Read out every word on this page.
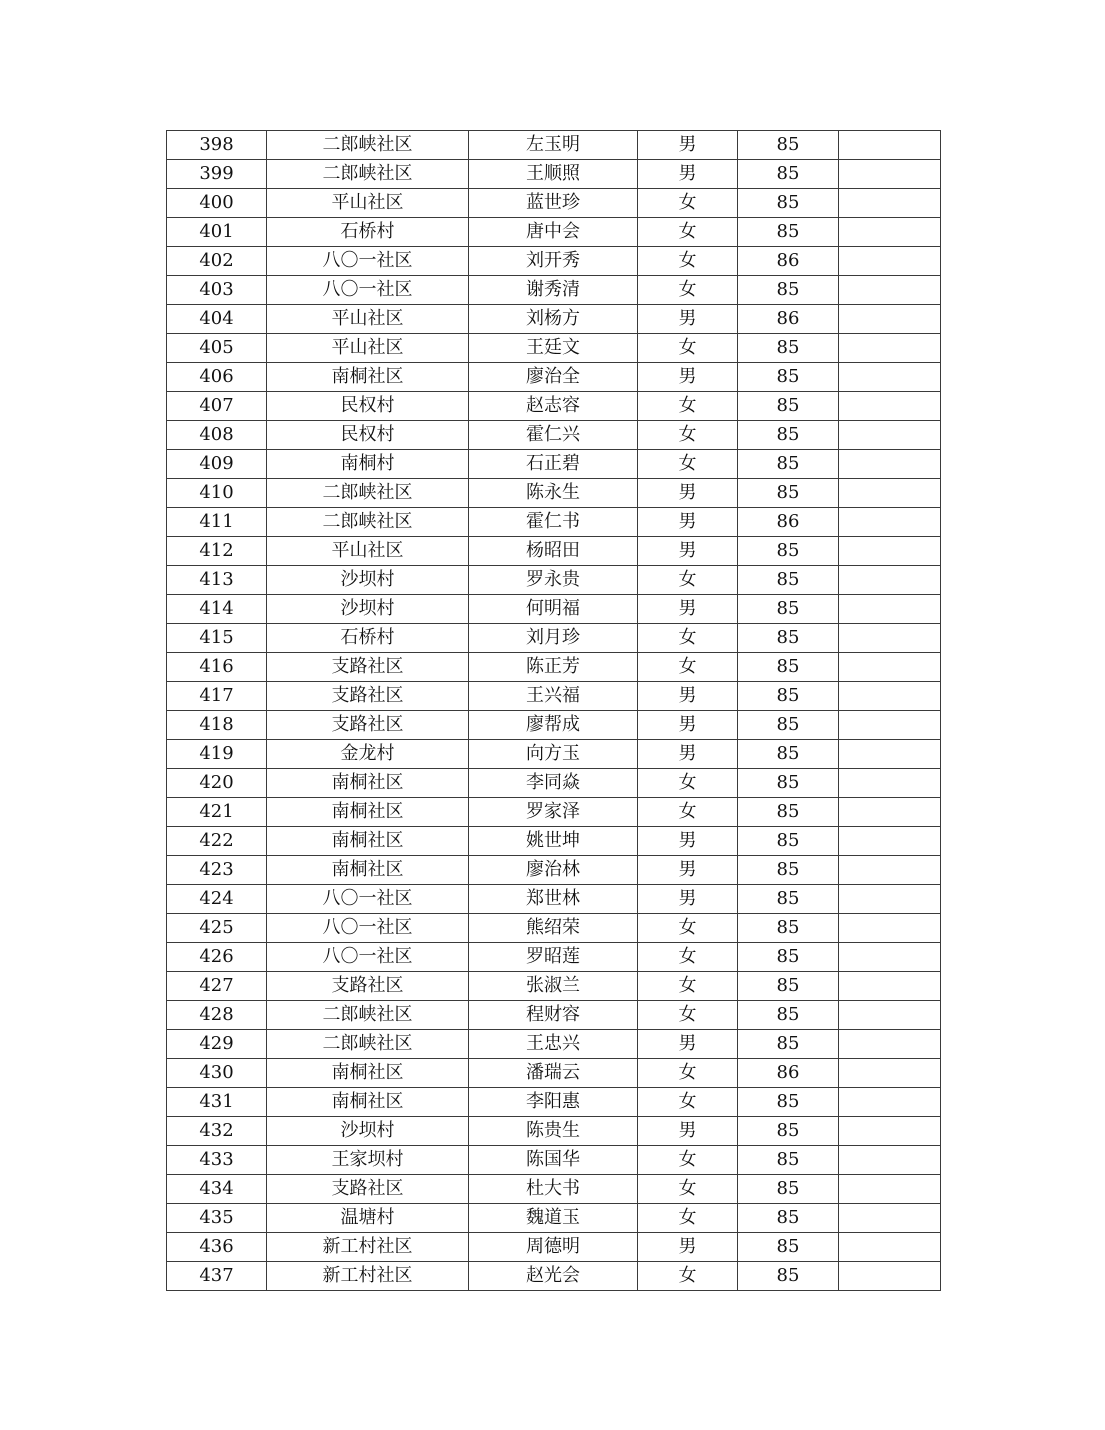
398	二郎峡社区	左玉明	男	85	
399	二郎峡社区	王顺照	男	85	
400	平山社区	蓝世珍	女	85	
401	石桥村	唐中会	女	85	
402	八〇一社区	刘开秀	女	86	
403	八〇一社区	谢秀清	女	85	
404	平山社区	刘杨方	男	86	
405	平山社区	王廷文	女	85	
406	南桐社区	廖治全	男	85	
407	民权村	赵志容	女	85	
408	民权村	霍仁兴	女	85	
409	南桐村	石正碧	女	85	
410	二郎峡社区	陈永生	男	85	
411	二郎峡社区	霍仁书	男	86	
412	平山社区	杨昭田	男	85	
413	沙坝村	罗永贵	女	85	
414	沙坝村	何明福	男	85	
415	石桥村	刘月珍	女	85	
416	支路社区	陈正芳	女	85	
417	支路社区	王兴福	男	85	
418	支路社区	廖帮成	男	85	
419	金龙村	向方玉	男	85	
420	南桐社区	李同焱	女	85	
421	南桐社区	罗家泽	女	85	
422	南桐社区	姚世坤	男	85	
423	南桐社区	廖治林	男	85	
424	八〇一社区	郑世林	男	85	
425	八〇一社区	熊绍荣	女	85	
426	八〇一社区	罗昭莲	女	85	
427	支路社区	张淑兰	女	85	
428	二郎峡社区	程财容	女	85	
429	二郎峡社区	王忠兴	男	85	
430	南桐社区	潘瑞云	女	86	
431	南桐社区	李阳惠	女	85	
432	沙坝村	陈贵生	男	85	
433	王家坝村	陈国华	女	85	
434	支路社区	杜大书	女	85	
435	温塘村	魏道玉	女	85	
436	新工村社区	周德明	男	85	
437	新工村社区	赵光会	女	85	
